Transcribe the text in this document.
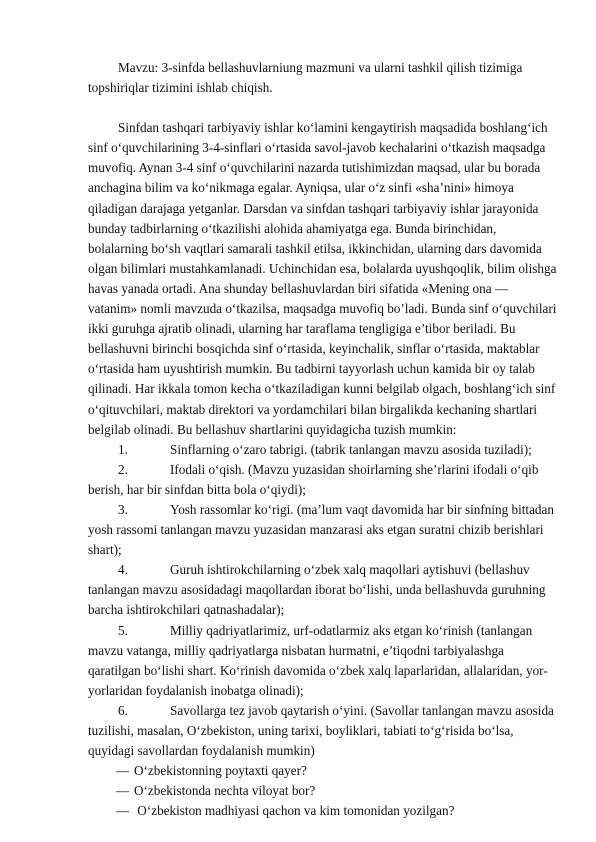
Mavzu: 3-sinfda bellashuvlarniung mazmuni va ularni tashkil qilish tizimiga topshiriqlar tizimini ishlab chiqish.

Sinfdan tashqari tarbiyaviy ishlar ko‘lamini kengaytirish maqsadida boshlang‘ich sinf o‘quvchilarining 3-4-sinflari o‘rtasida savol-javob kechalarini o‘tkazish maqsadga muvofiq. Aynan 3-4 sinf o‘quvchilarini nazarda tutishimizdan maqsad, ular bu borada anchagina bilim va ko‘nikmaga egalar. Ayniqsa, ular o‘z sinfi «sha’nini» himoya qiladigan darajaga yetganlar. Darsdan va sinfdan tashqari tarbiyaviy ishlar jarayonida bunday tadbirlarning o‘tkazilishi alohida ahamiyatga ega. Bunda birinchidan, bolalarning bo‘sh vaqtlari samarali tashkil etilsa, ikkinchidan, ularning dars davomida olgan bilimlari mustahkamlanadi. Uchinchidan esa, bolalarda uyushqoqlik, bilim olishga havas yanada ortadi. Ana shunday bellashuvlardan biri sifatida «Mening ona — vatanim» nomli mavzuda o‘tkazilsa, maqsadga muvofiq bo’ladi. Bunda sinf o‘quvchilari ikki guruhga ajratib olinadi, ularning har taraflama tengligiga e’tibor beriladi. Bu bellashuvni birinchi bosqichda sinf o‘rtasida, keyinchalik, sinflar o‘rtasida, maktablar o‘rtasida ham uyushtirish mumkin. Bu tadbirni tayyorlash uchun kamida bir oy talab qilinadi. Har ikkala tomon kecha o‘tkaziladigan kunni belgilab olgach, boshlang‘ich sinf o‘qituvchilari, maktab direktori va yordamchilari bilan birgalikda kechaning shartlari belgilab olinadi. Bu bellashuv shartlarini quyidagicha tuzish mumkin:

1.	Sinflarning o‘zaro tabrigi. (tabrik tanlangan mavzu asosida tuziladi);

2.	Ifodali o‘qish. (Mavzu yuzasidan shoirlarning she’rlarini ifodali o‘qib berish, har bir sinfdan bitta bola o‘qiydi);

3.	Yosh rassomlar ko‘rigi. (ma’lum vaqt davomida har bir sinfning bittadan yosh rassomi tanlangan mavzu yuzasidan manzarasi aks etgan suratni chizib berishlari shart);

4.	Guruh ishtirokchilarning o‘zbek xalq maqollari aytishuvi (bellashuv tanlangan mavzu asosidadagi maqollardan iborat bo‘lishi, unda bellashuvda guruhning barcha ishtirokchilari qatnashadalar);

5.	Milliy qadriyatlarimiz, urf-odatlarmiz aks etgan ko‘rinish (tanlangan mavzu vatanga, milliy qadriyatlarga nisbatan hurmatni, e’tiqodni tarbiyalashga qaratilgan bo‘lishi shart. Ko‘rinish davomida o‘zbek xalq laparlaridan, allalaridan, yor-yorlaridan foydalanish inobatga olinadi);

6.	Savollarga tez javob qaytarish o‘yini. (Savollar tanlangan mavzu asosida tuzilishi, masalan, O‘zbekiston, uning tarixi, boyliklari, tabiati to‘g‘risida bo‘lsa, quyidagi savollardan foydalanish mumkin)

— O‘zbekistonning poytaxti qayer?

— O‘zbekistonda nechta viloyat bor?

— O‘zbekiston madhiyasi qachon va kim tomonidan yozilgan?
